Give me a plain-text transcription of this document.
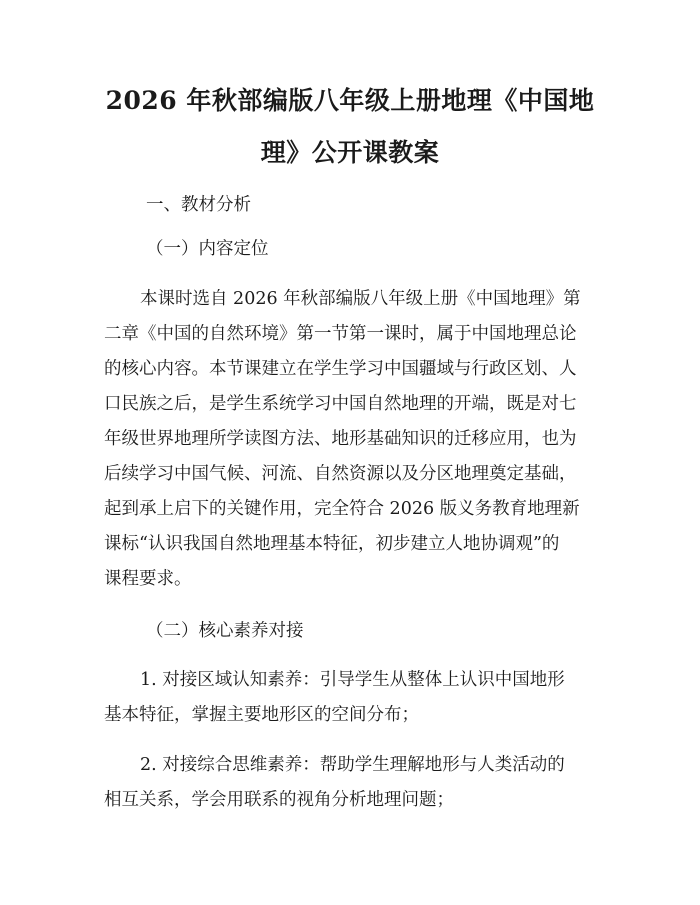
2026 年秋部编版八年级上册地理《中国地
理》公开课教案
一、教材分析
（一）内容定位
本课时选自 2026 年秋部编版八年级上册《中国地理》第
二章《中国的自然环境》第一节第一课时，属于中国地理总论
的核心内容。本节课建立在学生学习中国疆域与行政区划、人
口民族之后，是学生系统学习中国自然地理的开端，既是对七
年级世界地理所学读图方法、地形基础知识的迁移应用，也为
后续学习中国气候、河流、自然资源以及分区地理奠定基础，
起到承上启下的关键作用，完全符合 2026 版义务教育地理新
课标“认识我国自然地理基本特征，初步建立人地协调观”的
课程要求。
（二）核心素养对接
1. 对接区域认知素养：引导学生从整体上认识中国地形
基本特征，掌握主要地形区的空间分布；
2. 对接综合思维素养：帮助学生理解地形与人类活动的
相互关系，学会用联系的视角分析地理问题；
